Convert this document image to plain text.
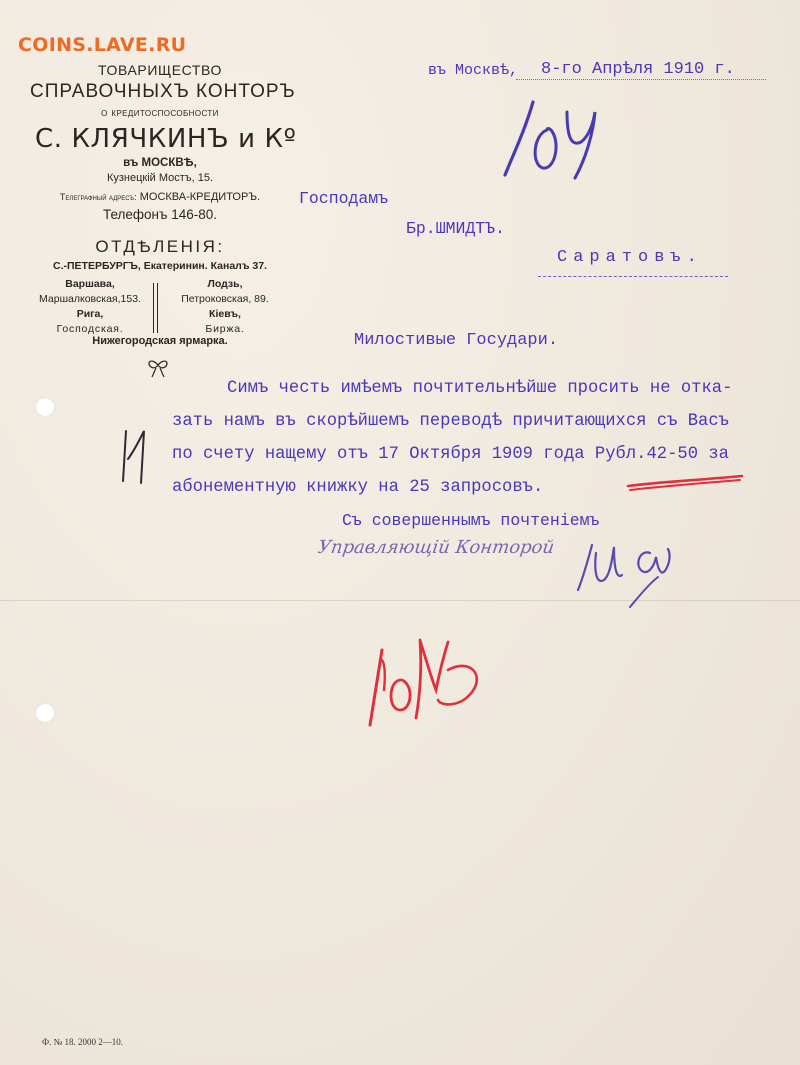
COINS.LAVE.RU
ТОВАРИЩЕСТВО
СПРАВОЧНЫХЪ КОНТОРЪ
о кредитоспособности
С. КЛЯЧКИНЪ и Кº
въ МОСКВѢ,
Кузнецкій Мостъ, 15.
Телеграфный адресъ: МОСКВА-КРЕДИТОРЪ.
Телефонъ 146-80.
ОТДѢЛЕНІЯ:
С.-ПЕТЕРБУРГЪ, Екатеринин. Каналъ 37.
Варшава,
Маршалковская,153.
Рига,
Господская.
Лодзь,
Петроковская, 89.
Кіевъ,
Биржа.
Нижегородская ярмарка.
въ Москвѣ, 8-го Апрѣля 1910 г.
Господамъ
Бр.ШМИДТЪ.
Саратовъ.
Милостивые Государи.
Симъ честь имѣемъ почтительнѣйше просить не отка-
зать намъ въ скорѣйшемъ переводѣ причитающихся съ Васъ
по счету нащему отъ 17 Октября 1909 года Рубл.42-50 за
абонементную книжку на 25 запросовъ.
Съ совершеннымъ почтеніемъ
Управляющій Конторой
Ф. № 18. 2000 2—10.
